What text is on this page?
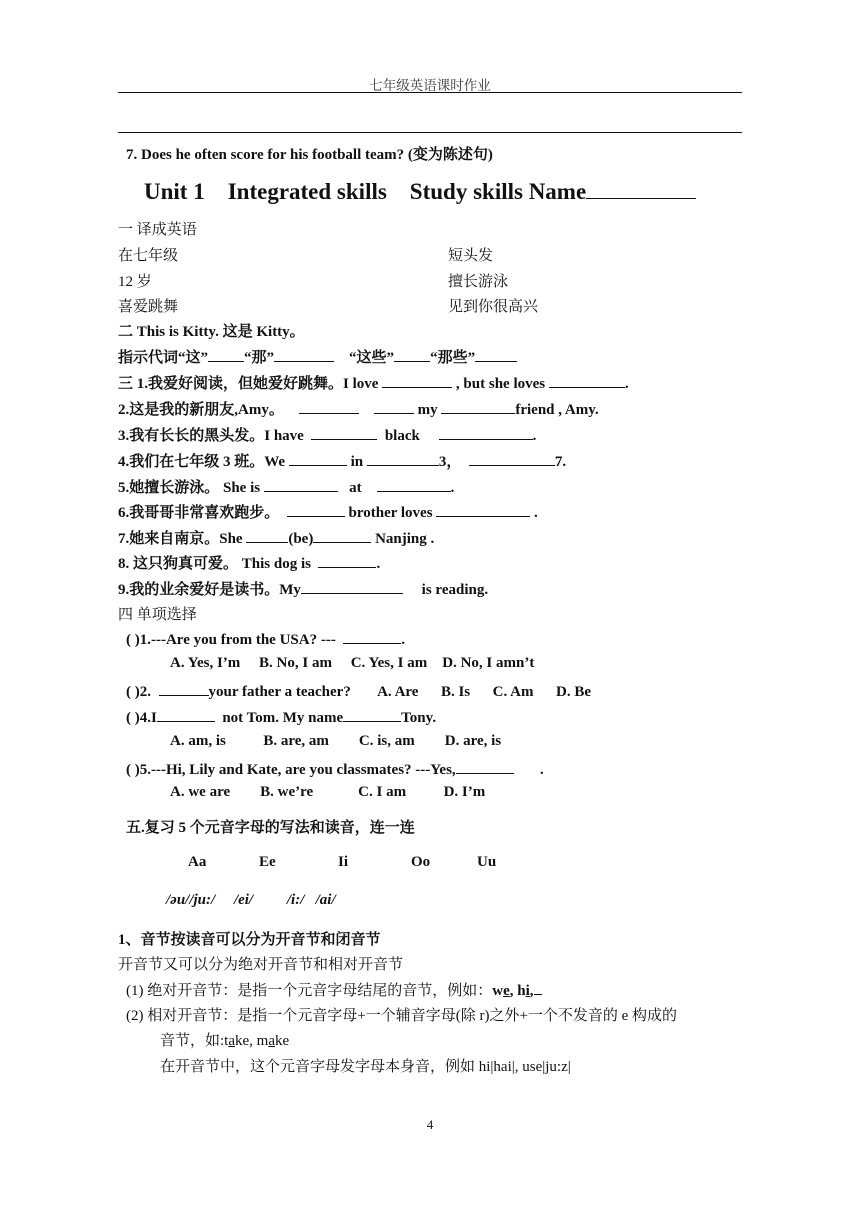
七年级英语课时作业
7. Does he often score for his football team? (变为陈述句)
Unit 1 Integrated skills Study skills Name
一 译成英语
在七年级	短头发
12 岁	擅长游泳
喜爱跳舞	见到你很高兴
二 This is Kitty. 这是 Kitty。
指示代词“这” “那”	“这些” “那些”
三 1.我爱好阅读，但她爱好跳舞。I love	, but she loves	.
2.这是我的新朋友,Amy。	my	friend , Amy.
3.我有长长的黑头发。I have	black	.
4.我们在七年级 3 班。We	in	3，	7.
5.她擅长游泳。 She is	at	.
6.我哥哥非常喜欢跑步。	brother loves	.
7.她来自南京。She	(be)	Nanjing .
8. 这只狗真可爱。 This dog is	.
9.我的业余爱好是读书。My	is reading.
四 单项选择
( )1.---Are you from the USA? ---	.
A. Yes, I’m B. No, I am C. Yes, I am D. No, I amn’t
( )2.	your father a teacher? A. Are B. Is C. Am D. Be
( )4.I	not Tom. My name	Tony.
A. am, is	B. are, am C. is, am D. are, is
( )5.---Hi, Lily and Kate, are you classmates? ---Yes,	.
A. we are B. we’re	C. I am	D. I’m
五.复习 5 个元音字母的写法和读音，连一连
Aa	Ee	Ii	Oo	Uu
/əu//ju:/ /ei/ /i:/ /ai/
1、音节按读音可以分为开音节和闭音节
开音节又可以分为绝对开音节和相对开音节
(1) 绝对开音节：是指一个元音字母结尾的音节，例如：we, hi,
(2) 相对开音节：是指一个元音字母+一个辅音字母(除 r)之外+一个不发音的 e 构成的
音节，如:take, make
在开音节中，这个元音字母发字母本身音，例如 hi|hai|, use|ju:z|
4
